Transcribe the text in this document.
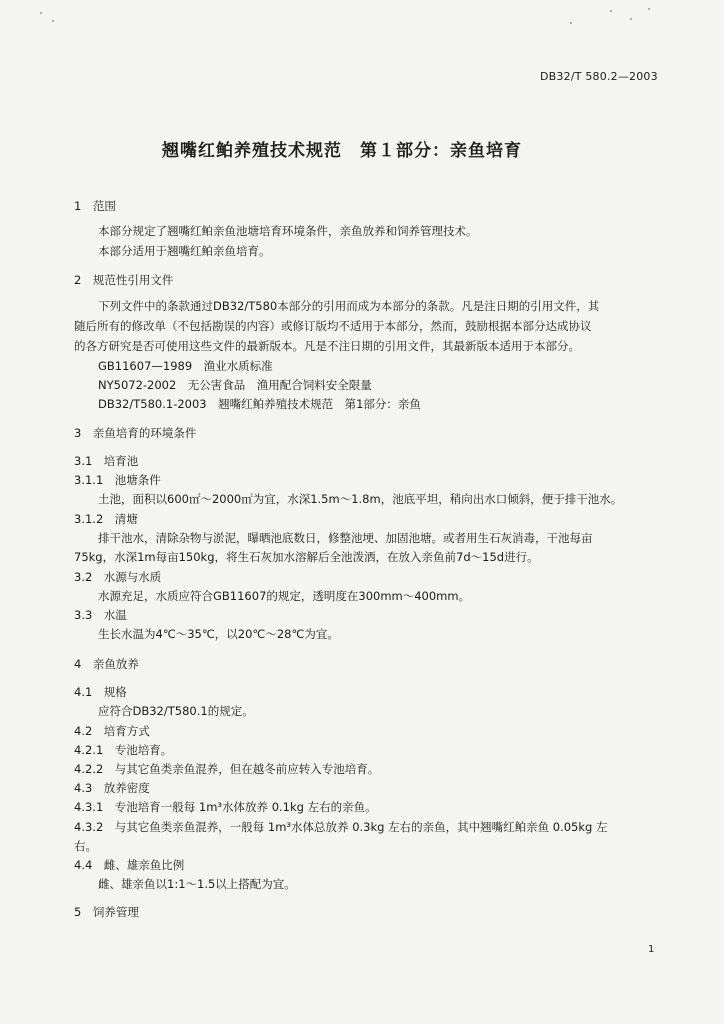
DB32/T 580.2—2003
翘嘴红鲌养殖技术规范　第１部分：亲鱼培育
1　范围
本部分规定了翘嘴红鲌亲鱼池塘培育环境条件，亲鱼放养和饲养管理技术。
本部分适用于翘嘴红鲌亲鱼培育。
2　规范性引用文件
下列文件中的条款通过DB32/T580本部分的引用而成为本部分的条款。凡是注日期的引用文件，其
随后所有的修改单（不包括勘误的内容）或修订版均不适用于本部分，然而，鼓励根据本部分达成协议
的各方研究是否可使用这些文件的最新版本。凡是不注日期的引用文件，其最新版本适用于本部分。
GB11607—1989　渔业水质标准
NY5072-2002　无公害食品　渔用配合饲料安全限量
DB32/T580.1-2003　翘嘴红鲌养殖技术规范　第1部分：亲鱼
3　亲鱼培育的环境条件
3.1　培育池
3.1.1　池塘条件
土池，面积以600㎡～2000㎡为宜，水深1.5m～1.8m，池底平坦，稍向出水口倾斜，便于排干池水。
3.1.2　清塘
排干池水，清除杂物与淤泥，曝晒池底数日，修整池埂、加固池塘。或者用生石灰消毒，干池每亩
75kg，水深1m每亩150kg，将生石灰加水溶解后全池泼洒，在放入亲鱼前7d～15d进行。
3.2　水源与水质
水源充足，水质应符合GB11607的规定，透明度在300mm～400mm。
3.3　水温
生长水温为4℃～35℃，以20℃～28℃为宜。
4　亲鱼放养
4.1　规格
应符合DB32/T580.1的规定。
4.2　培育方式
4.2.1　专池培育。
4.2.2　与其它鱼类亲鱼混养，但在越冬前应转入专池培育。
4.3　放养密度
4.3.1　专池培育一般每 1m³水体放养 0.1kg 左右的亲鱼。
4.3.2　与其它鱼类亲鱼混养，一般每 1m³水体总放养 0.3kg 左右的亲鱼，其中翘嘴红鲌亲鱼 0.05kg 左
右。
4.4　雌、雄亲鱼比例
雌、雄亲鱼以1:1～1.5以上搭配为宜。
5　饲养管理
1
